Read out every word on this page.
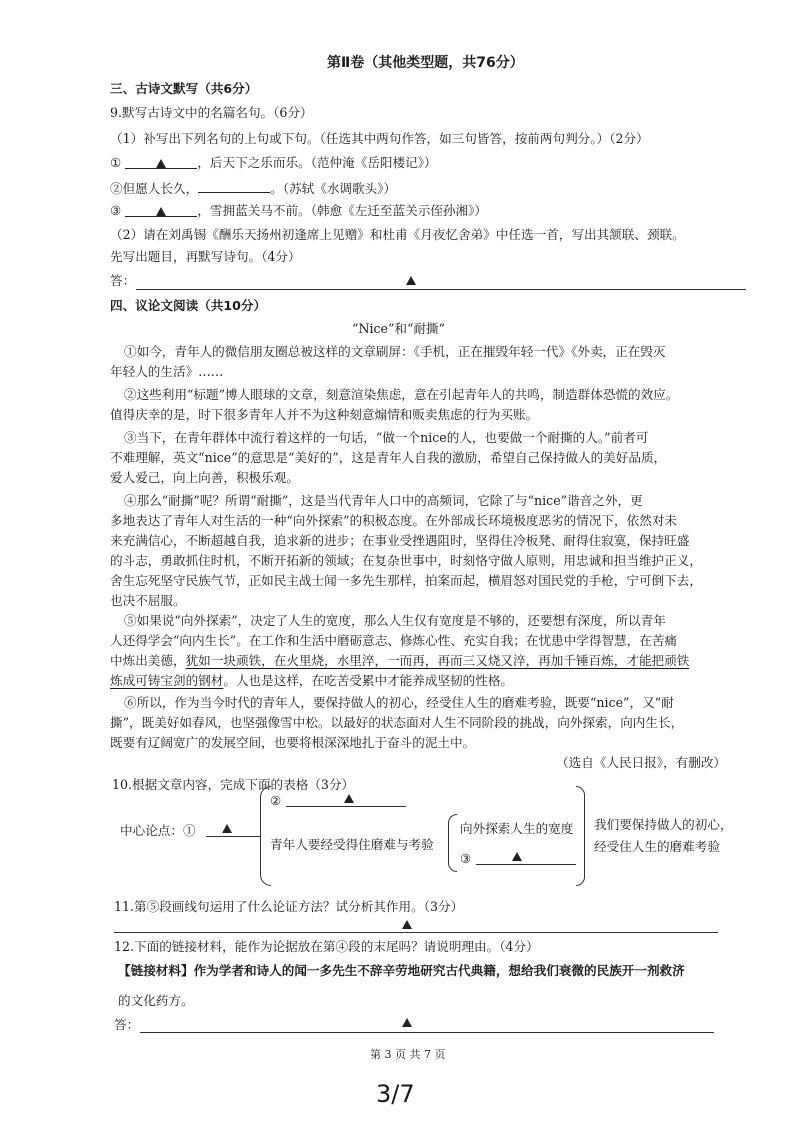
第Ⅱ卷（其他类型题，共76分）
三、古诗文默写（共6分）
9.默写古诗文中的名篇名句。（6分）
（1）补写出下列名句的上句或下句。（任选其中两句作答，如三句皆答，按前两句判分。）（2分）
①	，后天下之乐而乐。（范仲淹《岳阳楼记》）
②但愿人长久，	。（苏轼《水调歌头》）
③	，雪拥蓝关马不前。（韩愈《左迁至蓝关示侄孙湘》）
（2）请在刘禹锡《酬乐天扬州初逢席上见赠》和杜甫《月夜忆舍弟》中任选一首，写出其颔联、颈联。
先写出题目，再默写诗句。（4分）
答：
四、议论文阅读（共10分）
“Nice”和“耐撕”
①如今，青年人的微信朋友圈总被这样的文章刷屏：《手机，正在摧毁年轻一代》《外卖，正在毁灭
年轻人的生活》……
②这些利用“标题”博人眼球的文章，刻意渲染焦虑，意在引起青年人的共鸣，制造群体恐慌的效应。
值得庆幸的是，时下很多青年人并不为这种刻意煽情和贩卖焦虑的行为买账。
③当下，在青年群体中流行着这样的一句话，“做一个nice的人，也要做一个耐撕的人。”前者可
不难理解，英文“nice”的意思是“美好的”，这是青年人自我的激励，希望自己保持做人的美好品质，
爱人爱己，向上向善，积极乐观。
④那么“耐撕”呢？所谓“耐撕”，这是当代青年人口中的高频词，它除了与“nice”谐音之外，更
多地表达了青年人对生活的一种“向外探索”的积极态度。在外部成长环境极度恶劣的情况下，依然对未
来充满信心，不断超越自我，追求新的进步；在事业受挫遇阻时，坚得住冷板凳、耐得住寂寞，保持旺盛
的斗志，勇敢抓住时机，不断开拓新的领域；在复杂世事中，时刻恪守做人原则，用忠诚和担当维护正义，
舍生忘死坚守民族气节，正如民主战士闻一多先生那样，拍案而起，横眉怒对国民党的手枪，宁可倒下去，
也决不屈服。
⑤如果说“向外探索”，决定了人生的宽度，那么人生仅有宽度是不够的，还要想有深度，所以青年
人还得学会“向内生长”。在工作和生活中磨砺意志、修炼心性、充实自我；在忧患中学得智慧，在苦痛
中炼出美德，犹如一块顽铁，在火里烧，水里淬，一而再，再而三又烧又淬，再加千锤百炼，才能把顽铁
炼成可铸宝剑的钢材。人也是这样，在吃苦受累中才能养成坚韧的性格。
⑥所以，作为当今时代的青年人，要保持做人的初心，经受住人生的磨难考验，既要“nice”，又“耐
撕”，既美好如春风，也坚强像雪中松。以最好的状态面对人生不同阶段的挑战，向外探索，向内生长，
既要有辽阔宽广的发展空间，也要将根深深地扎于奋斗的泥土中。
（选自《人民日报》，有删改）
10.根据文章内容，完成下面的表格（3分）
中心论点：①
②
青年人要经受得住磨难与考验
向外探索人生的宽度
③
我们要保持做人的初心，
经受住人生的磨难考验
11.第⑤段画线句运用了什么论证方法？试分析其作用。（3分）
12.下面的链接材料，能作为论据放在第④段的末尾吗？请说明理由。（4分）
【链接材料】作为学者和诗人的闻一多先生不辞辛劳地研究古代典籍，想给我们衰微的民族开一剂救济
的文化药方。
答：
第 3 页 共 7 页
3/7
